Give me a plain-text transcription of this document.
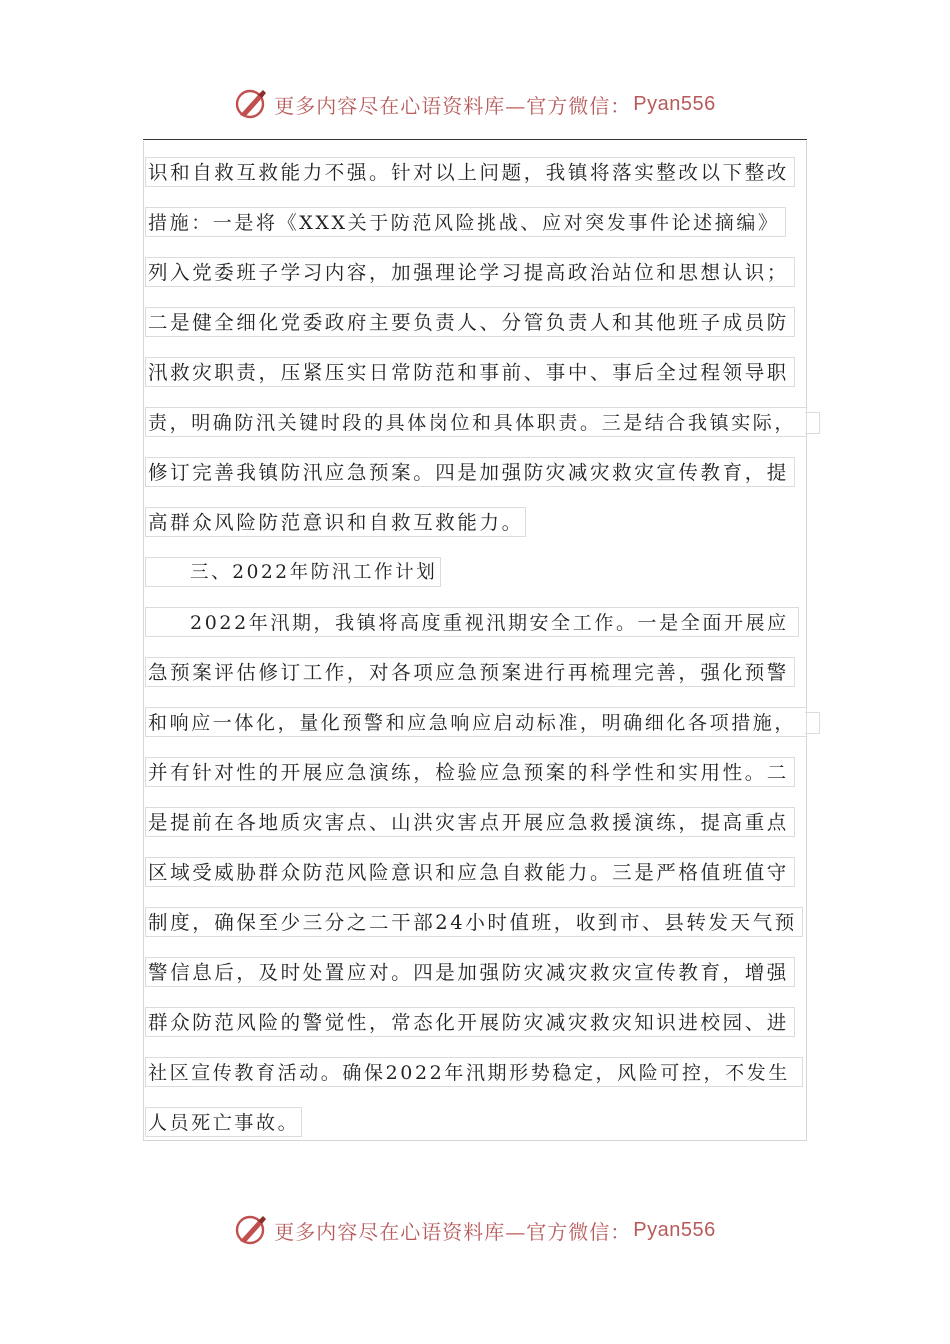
更多内容尽在心语资料库—官方微信： Pyan556
识和自救互救能力不强。针对以上问题，我镇将落实整改以下整改
措施：一是将《XXX关于防范风险挑战、应对突发事件论述摘编》
列入党委班子学习内容，加强理论学习提高政治站位和思想认识；
二是健全细化党委政府主要负责人、分管负责人和其他班子成员防
汛救灾职责，压紧压实日常防范和事前、事中、事后全过程领导职
责，明确防汛关键时段的具体岗位和具体职责。三是结合我镇实际，
修订完善我镇防汛应急预案。四是加强防灾减灾救灾宣传教育，提
高群众风险防范意识和自救互救能力。
三、2022年防汛工作计划
2022年汛期，我镇将高度重视汛期安全工作。一是全面开展应
急预案评估修订工作，对各项应急预案进行再梳理完善，强化预警
和响应一体化，量化预警和应急响应启动标准，明确细化各项措施，
并有针对性的开展应急演练，检验应急预案的科学性和实用性。二
是提前在各地质灾害点、山洪灾害点开展应急救援演练，提高重点
区域受威胁群众防范风险意识和应急自救能力。三是严格值班值守
制度，确保至少三分之二干部24小时值班，收到市、县转发天气预
警信息后，及时处置应对。四是加强防灾减灾救灾宣传教育，增强
群众防范风险的警觉性，常态化开展防灾减灾救灾知识进校园、进
社区宣传教育活动。确保2022年汛期形势稳定，风险可控，不发生
人员死亡事故。
更多内容尽在心语资料库—官方微信： Pyan556
